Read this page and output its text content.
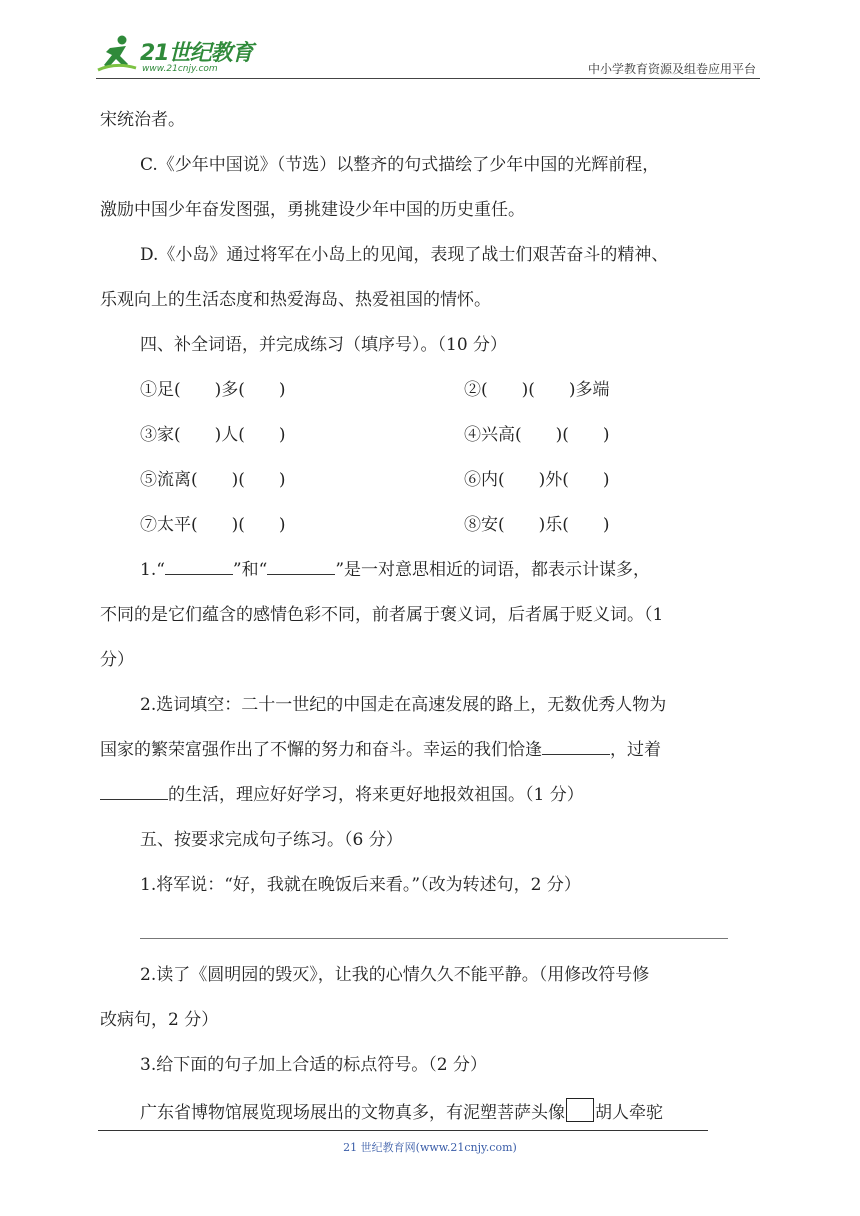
21世纪教育
www.21cnjy.com	中小学教育资源及组卷应用平台
宋统治者。
C.《少年中国说》（节选）以整齐的句式描绘了少年中国的光辉前程，
激励中国少年奋发图强，勇挑建设少年中国的历史重任。
D.《小岛》通过将军在小岛上的见闻，表现了战士们艰苦奋斗的精神、
乐观向上的生活态度和热爱海岛、热爱祖国的情怀。
四、补全词语，并完成练习（填序号）。（10 分）
①足(　　)多(　　)	②(　　)(　　)多端
③家(　　)人(　　)	④兴高(　　)(　　)
⑤流离(　　)(　　)	⑥内(　　)外(　　)
⑦太平(　　)(　　)	⑧安(　　)乐(　　)
1.“	”和“	”是一对意思相近的词语，都表示计谋多，
不同的是它们蕴含的感情色彩不同，前者属于褒义词，后者属于贬义词。（1
分）
2.选词填空：二十一世纪的中国走在高速发展的路上，无数优秀人物为
国家的繁荣富强作出了不懈的努力和奋斗。幸运的我们恰逢	，过着
的生活，理应好好学习，将来更好地报效祖国。（1 分）
五、按要求完成句子练习。（6 分）
1.将军说：“好，我就在晚饭后来看。”（改为转述句，2 分）
2.读了《圆明园的毁灭》，让我的心情久久不能平静。（用修改符号修
改病句，2 分）
3.给下面的句子加上合适的标点符号。（2 分）
广东省博物馆展览现场展出的文物真多，有泥塑菩萨头像 胡人牵驼
21 世纪教育网(www.21cnjy.com)
